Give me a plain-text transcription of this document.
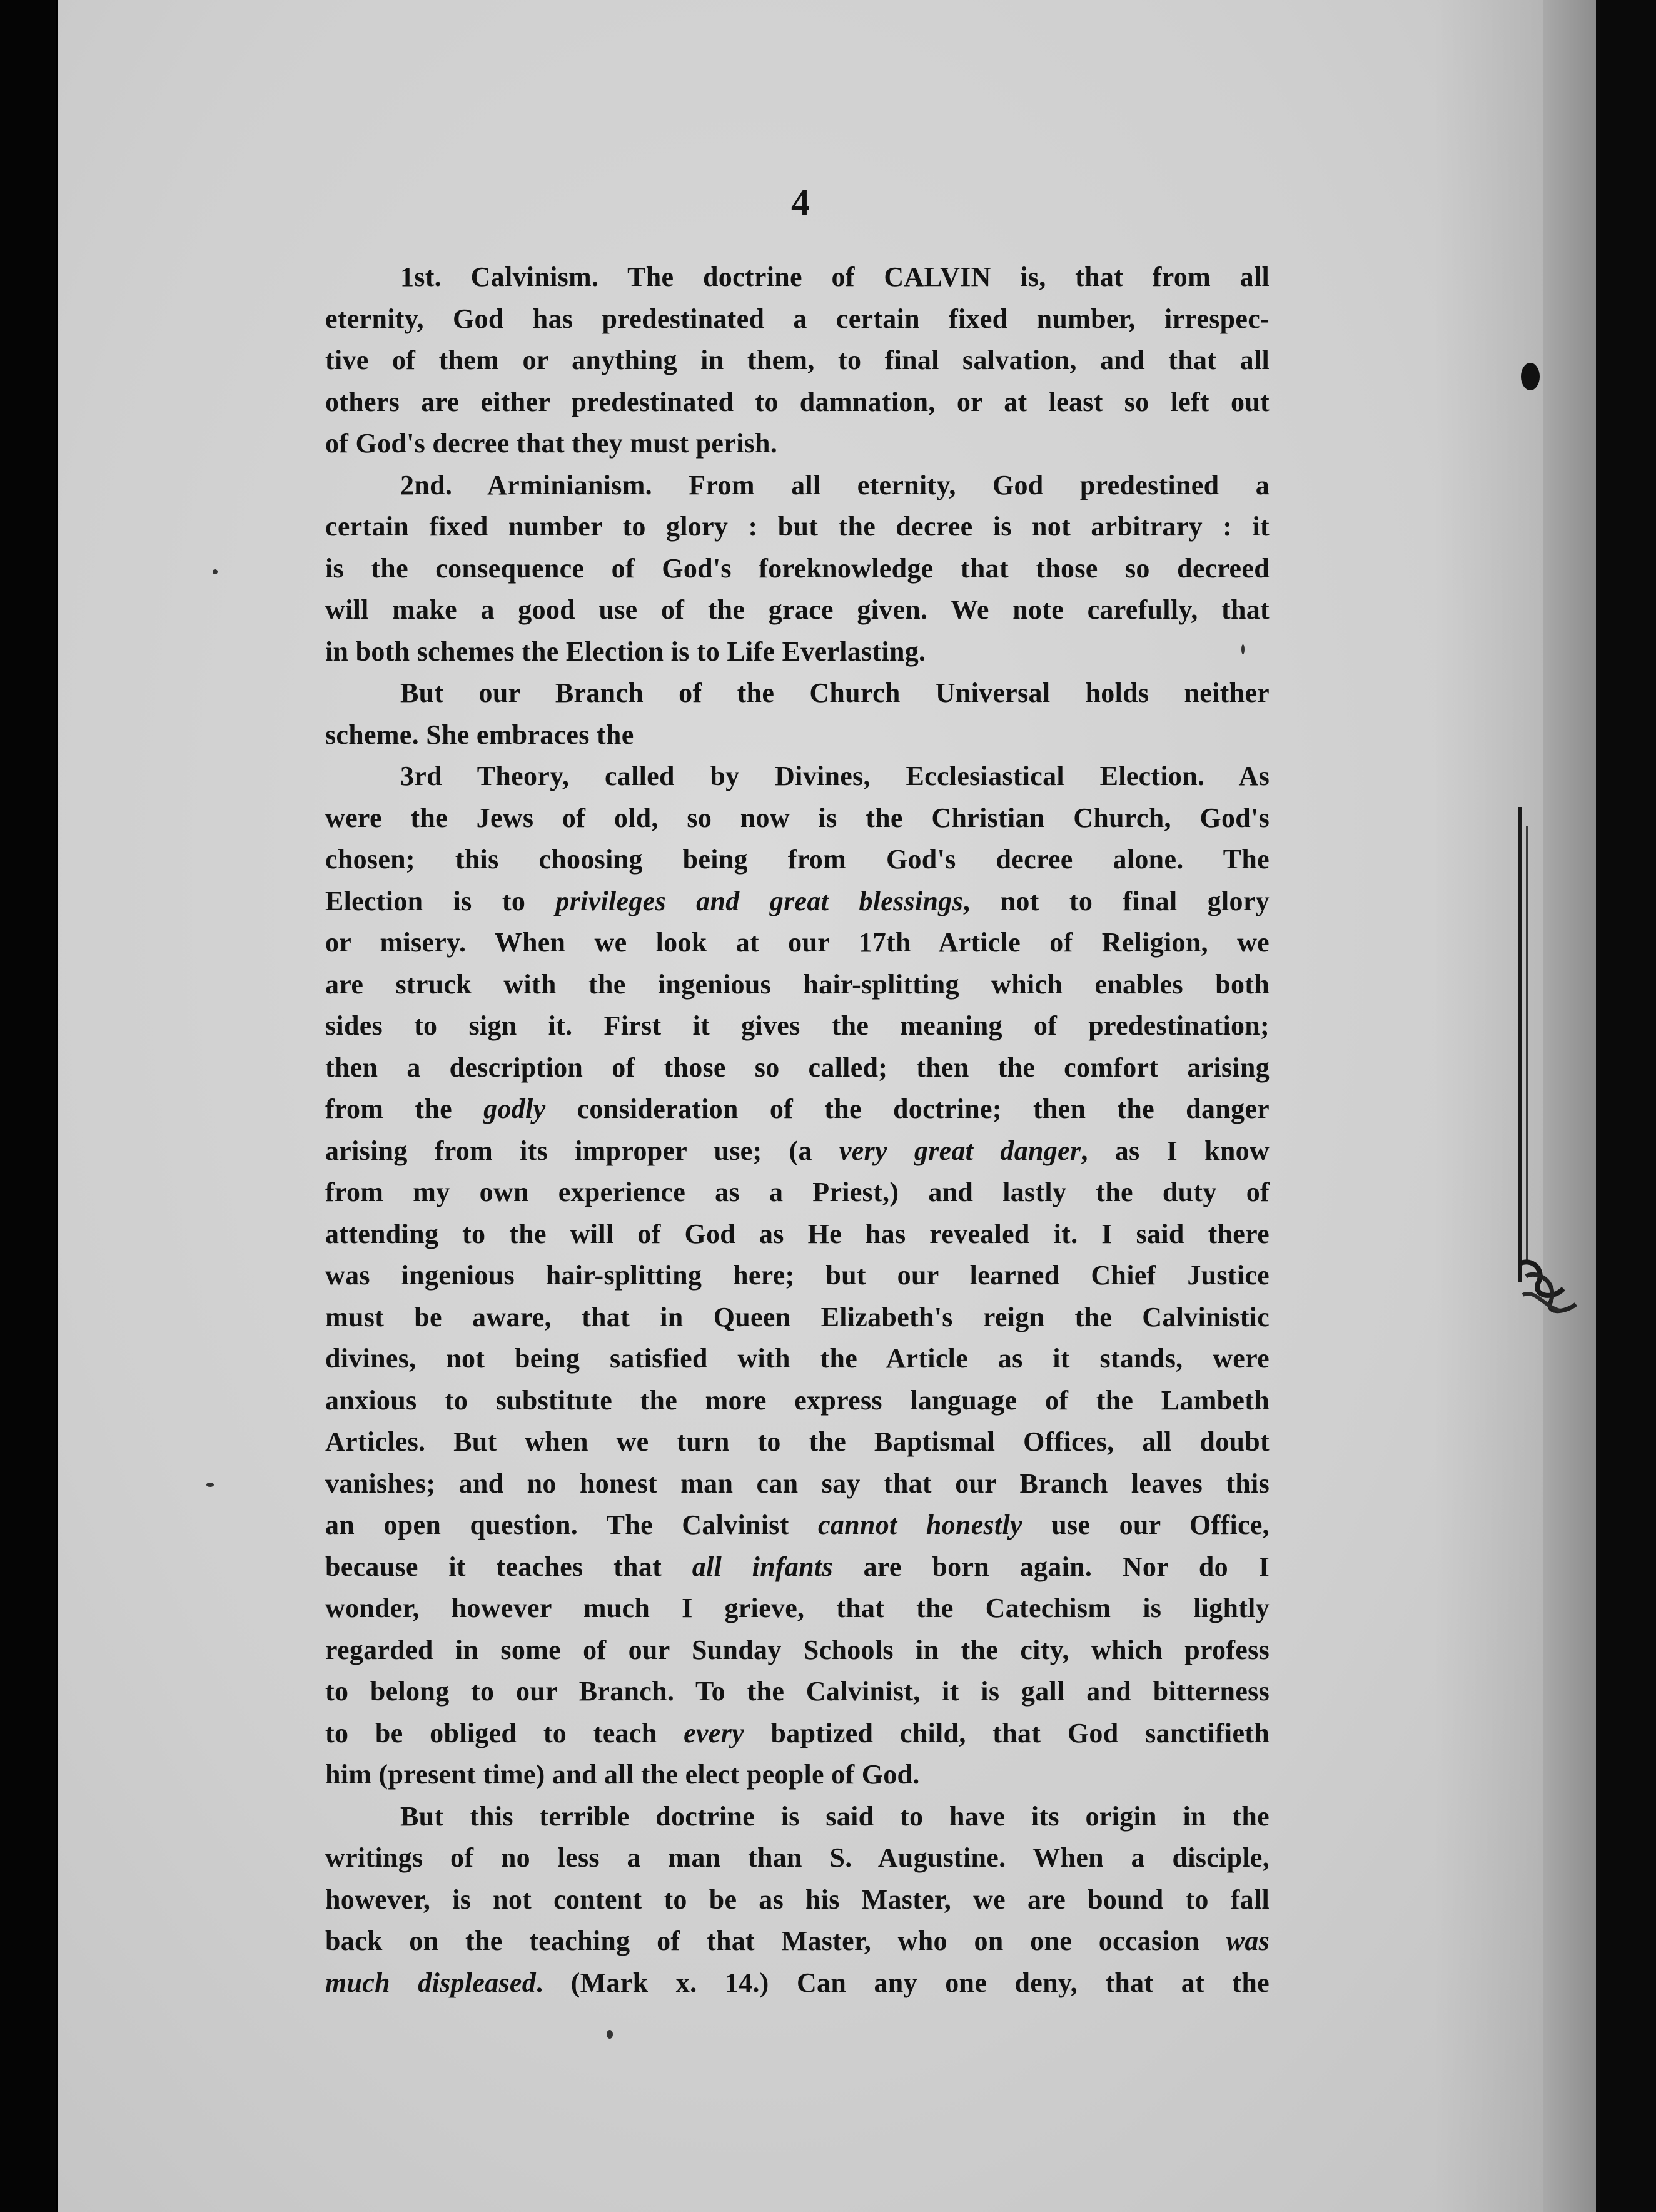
4
1st. Calvinism. The doctrine of CALVIN is, that from all
eternity, God has predestinated a certain fixed number, irrespec-
tive of them or anything in them, to final salvation, and that all
others are either predestinated to damnation, or at least so left out
of God's decree that they must perish.
2nd. Arminianism. From all eternity, God predestined a
certain fixed number to glory : but the decree is not arbitrary : it
is the consequence of God's foreknowledge that those so decreed
will make a good use of the grace given. We note carefully, that
in both schemes the Election is to Life Everlasting.
But our Branch of the Church Universal holds neither
scheme. She embraces the
3rd Theory, called by Divines, Ecclesiastical Election. As
were the Jews of old, so now is the Christian Church, God's
chosen; this choosing being from God's decree alone. The
Election is to privileges and great blessings, not to final glory
or misery. When we look at our 17th Article of Religion, we
are struck with the ingenious hair-splitting which enables both
sides to sign it. First it gives the meaning of predestination;
then a description of those so called; then the comfort arising
from the godly consideration of the doctrine; then the danger
arising from its improper use; (a very great danger, as I know
from my own experience as a Priest,) and lastly the duty of
attending to the will of God as He has revealed it. I said there
was ingenious hair-splitting here; but our learned Chief Justice
must be aware, that in Queen Elizabeth's reign the Calvinistic
divines, not being satisfied with the Article as it stands, were
anxious to substitute the more express language of the Lambeth
Articles. But when we turn to the Baptismal Offices, all doubt
vanishes; and no honest man can say that our Branch leaves this
an open question. The Calvinist cannot honestly use our Office,
because it teaches that all infants are born again. Nor do I
wonder, however much I grieve, that the Catechism is lightly
regarded in some of our Sunday Schools in the city, which profess
to belong to our Branch. To the Calvinist, it is gall and bitterness
to be obliged to teach every baptized child, that God sanctifieth
him (present time) and all the elect people of God.
But this terrible doctrine is said to have its origin in the
writings of no less a man than S. Augustine. When a disciple,
however, is not content to be as his Master, we are bound to fall
back on the teaching of that Master, who on one occasion was
much displeased. (Mark x. 14.) Can any one deny, that at the
